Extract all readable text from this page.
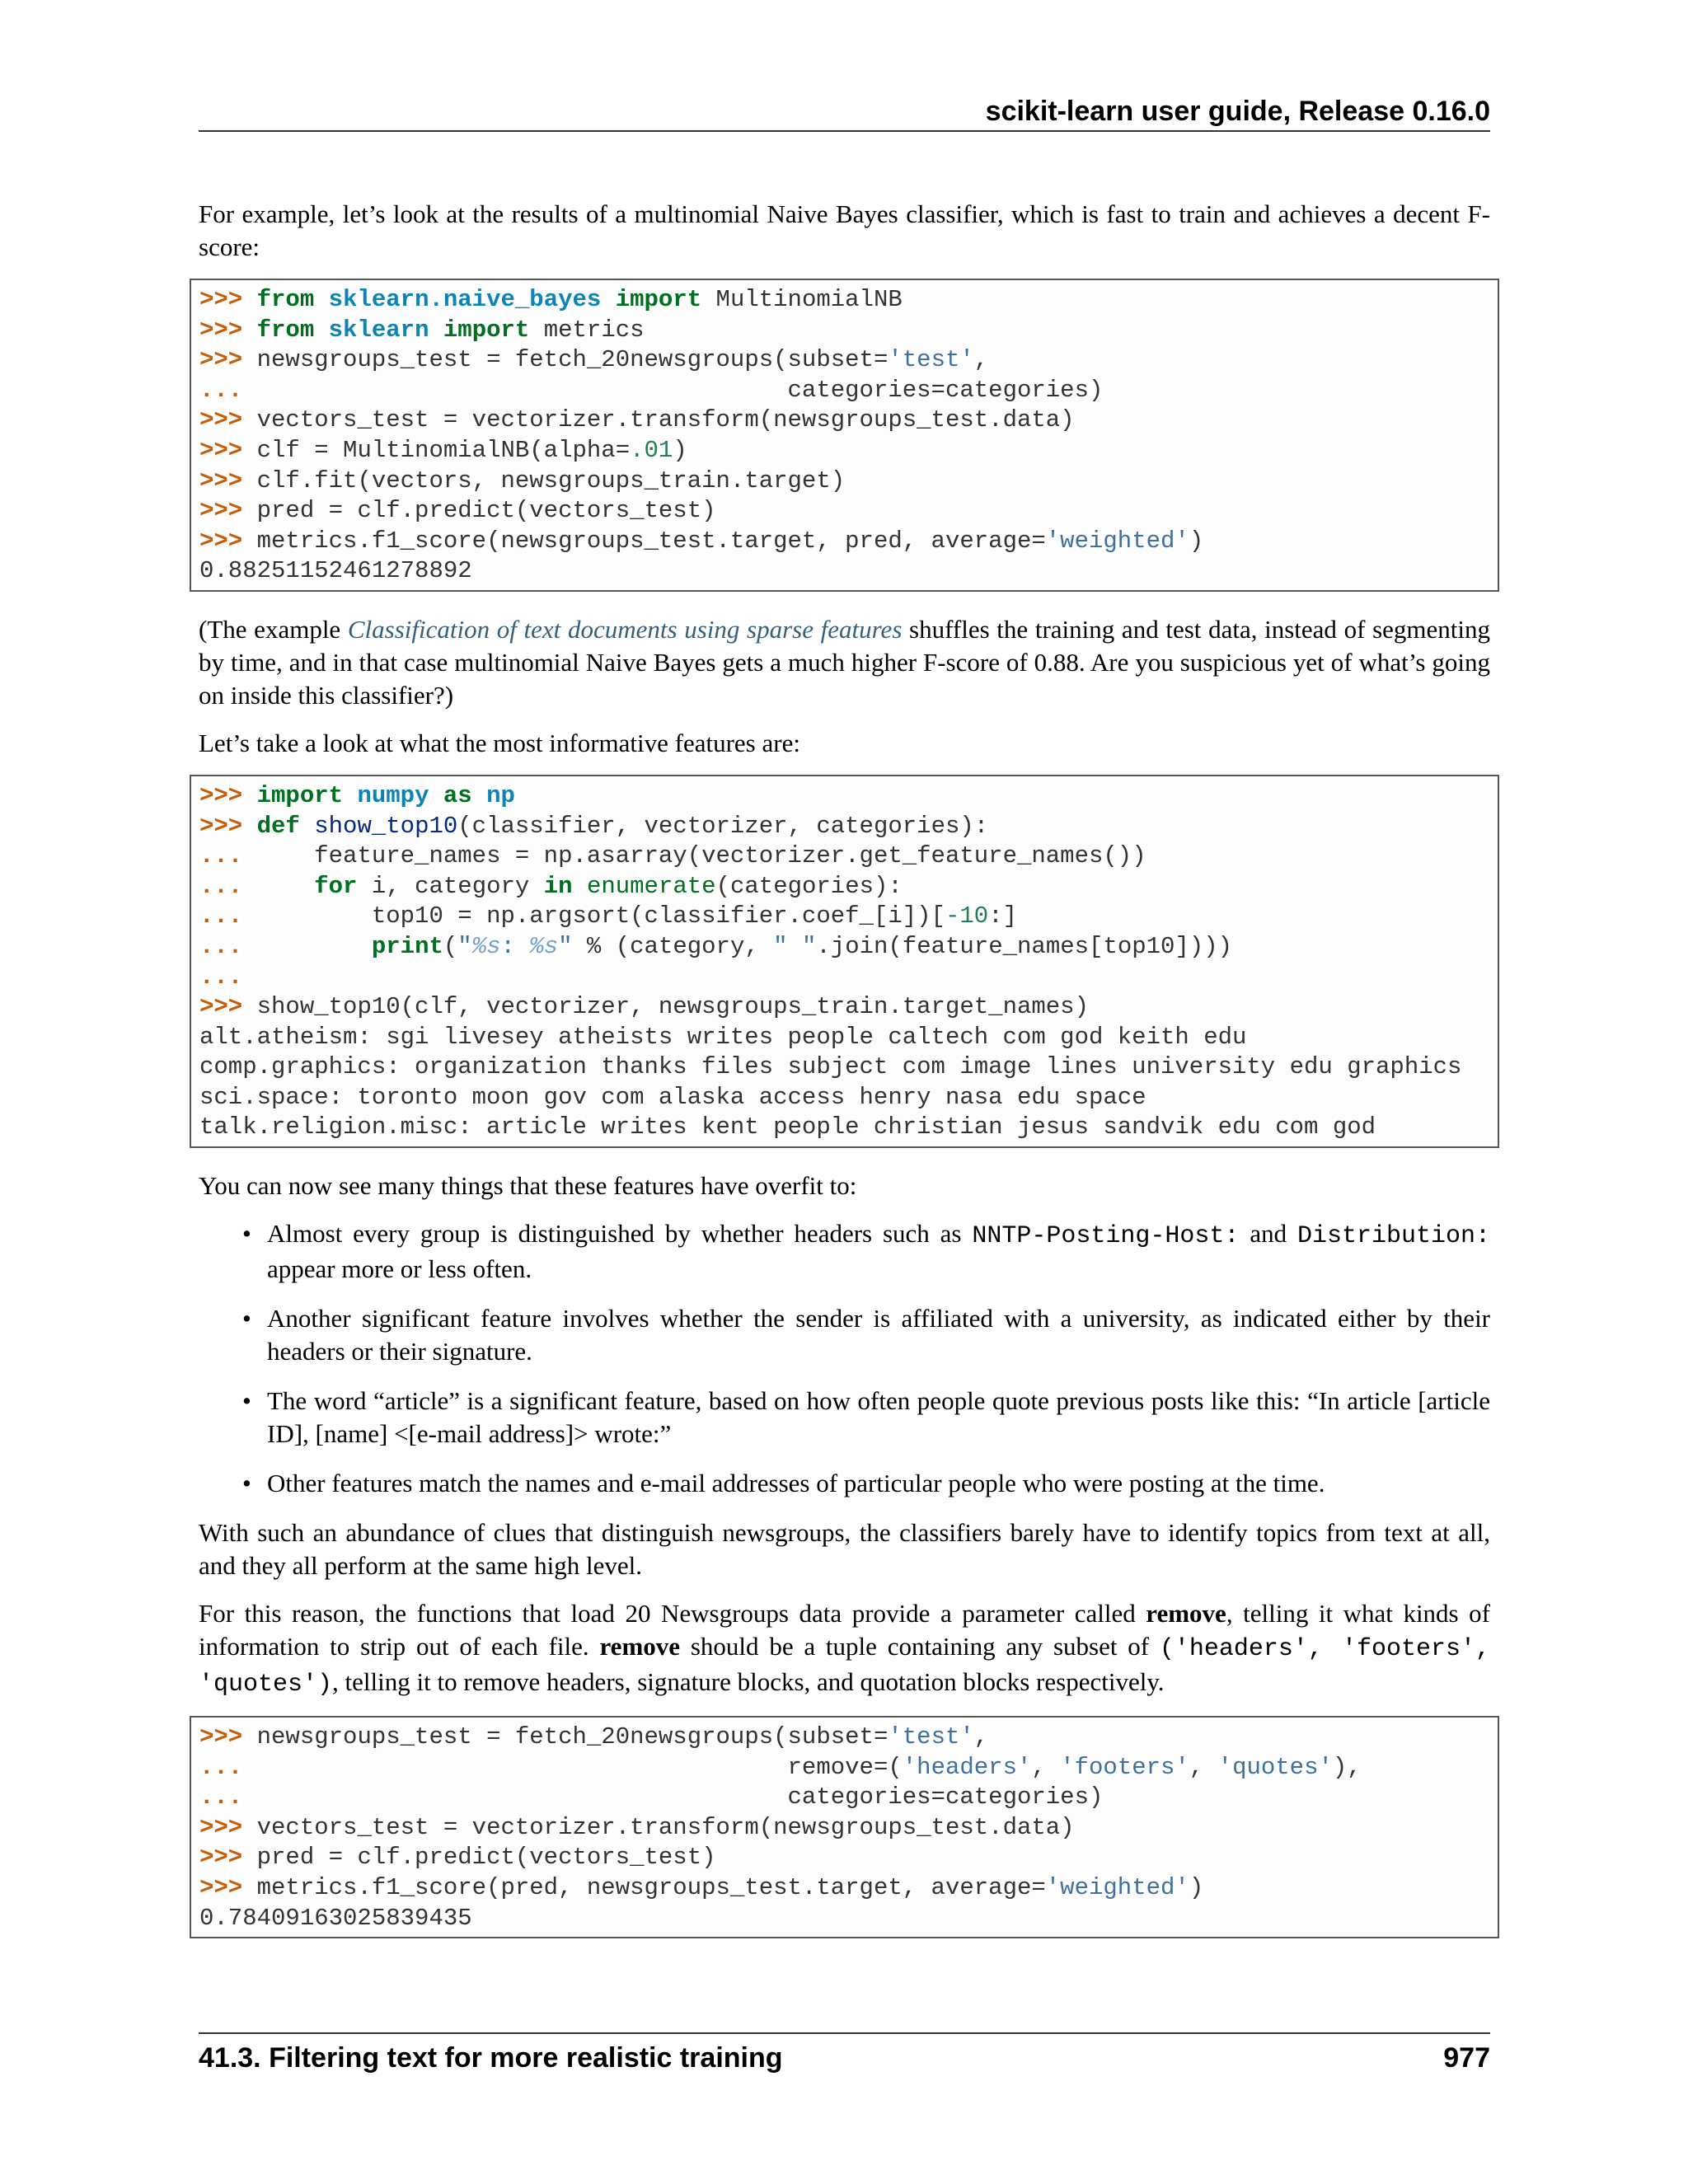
scikit-learn user guide, Release 0.16.0

For example, let’s look at the results of a multinomial Naive Bayes classifier, which is fast to train and achieves a decent F-score:

>>> from sklearn.naive_bayes import MultinomialNB
>>> from sklearn import metrics
>>> newsgroups_test = fetch_20newsgroups(subset='test',
...                                      categories=categories)
>>> vectors_test = vectorizer.transform(newsgroups_test.data)
>>> clf = MultinomialNB(alpha=.01)
>>> clf.fit(vectors, newsgroups_train.target)
>>> pred = clf.predict(vectors_test)
>>> metrics.f1_score(newsgroups_test.target, pred, average='weighted')
0.88251152461278892

(The example Classification of text documents using sparse features shuffles the training and test data, instead of segmenting by time, and in that case multinomial Naive Bayes gets a much higher F-score of 0.88. Are you suspicious yet of what’s going on inside this classifier?)

Let’s take a look at what the most informative features are:

>>> import numpy as np
>>> def show_top10(classifier, vectorizer, categories):
...     feature_names = np.asarray(vectorizer.get_feature_names())
...     for i, category in enumerate(categories):
...         top10 = np.argsort(classifier.coef_[i])[-10:]
...	print("%s: %s" % (category, " ".join(feature_names[top10])))
...
>>> show_top10(clf, vectorizer, newsgroups_train.target_names)
alt.atheism: sgi livesey atheists writes people caltech com god keith edu
comp.graphics: organization thanks files subject com image lines university edu graphics
sci.space: toronto moon gov com alaska access henry nasa edu space
talk.religion.misc: article writes kent people christian jesus sandvik edu com god

You can now see many things that these features have overfit to:

• Almost every group is distinguished by whether headers such as NNTP-Posting-Host: and Distribution: appear more or less often.
• Another significant feature involves whether the sender is affiliated with a university, as indicated either by their headers or their signature.
• The word “article” is a significant feature, based on how often people quote previous posts like this: “In article [article ID], [name] <[e-mail address]> wrote:”
• Other features match the names and e-mail addresses of particular people who were posting at the time.

With such an abundance of clues that distinguish newsgroups, the classifiers barely have to identify topics from text at all, and they all perform at the same high level.

For this reason, the functions that load 20 Newsgroups data provide a parameter called remove, telling it what kinds of information to strip out of each file. remove should be a tuple containing any subset of ('headers', 'footers', 'quotes'), telling it to remove headers, signature blocks, and quotation blocks respectively.

>>> newsgroups_test = fetch_20newsgroups(subset='test',
...                                      remove=('headers', 'footers', 'quotes'),
...                                      categories=categories)
>>> vectors_test = vectorizer.transform(newsgroups_test.data)
>>> pred = clf.predict(vectors_test)
>>> metrics.f1_score(pred, newsgroups_test.target, average='weighted')
0.78409163025839435
41.3. Filtering text for more realistic training	977
